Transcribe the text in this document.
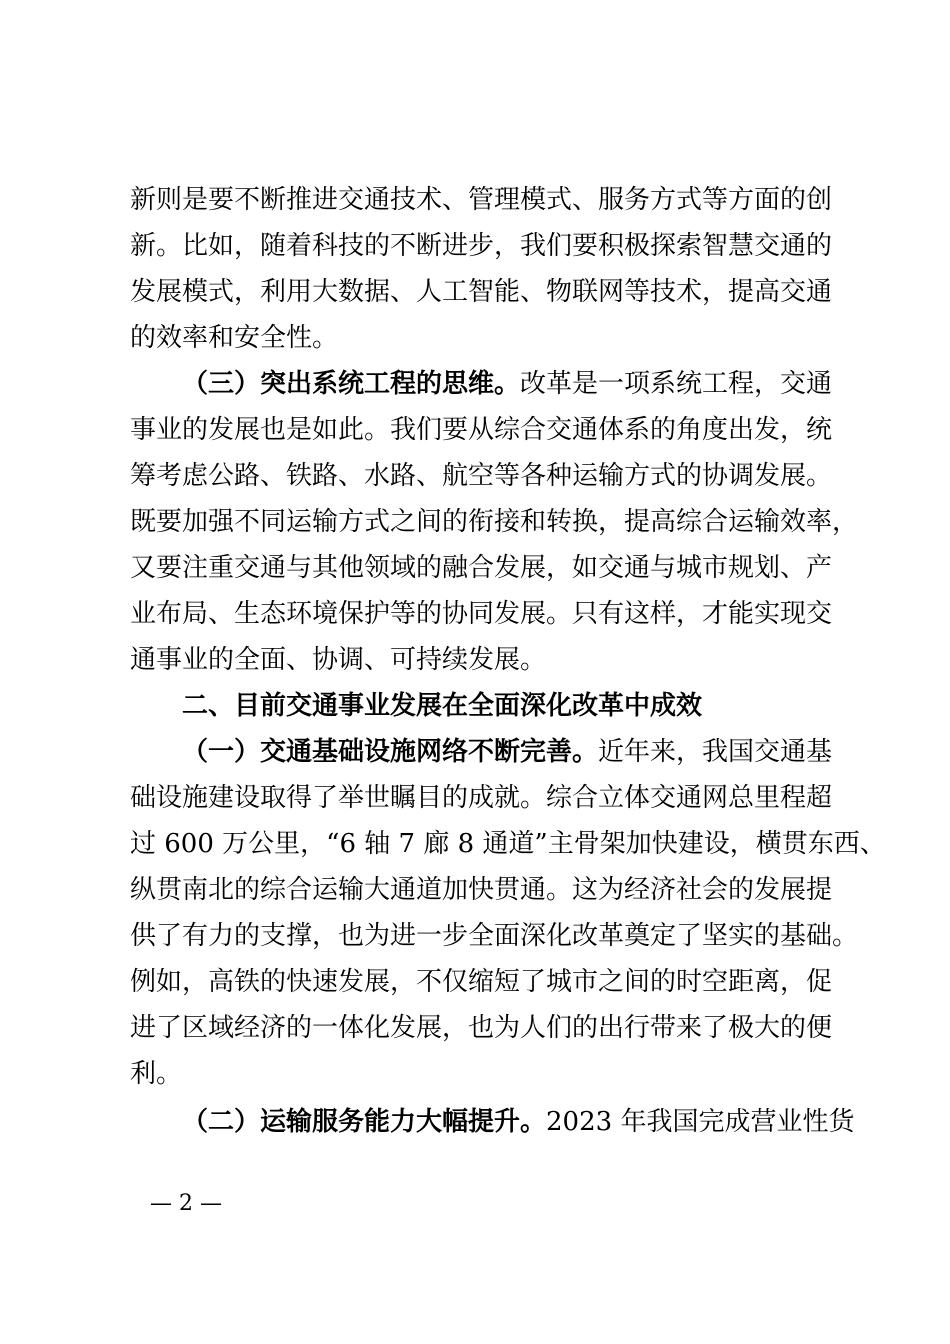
新则是要不断推进交通技术、管理模式、服务方式等方面的创
新。比如，随着科技的不断进步，我们要积极探索智慧交通的
发展模式，利用大数据、人工智能、物联网等技术，提高交通
的效率和安全性。
（三）突出系统工程的思维。改革是一项系统工程，交通
事业的发展也是如此。我们要从综合交通体系的角度出发，统
筹考虑公路、铁路、水路、航空等各种运输方式的协调发展。
既要加强不同运输方式之间的衔接和转换，提高综合运输效率，
又要注重交通与其他领域的融合发展，如交通与城市规划、产
业布局、生态环境保护等的协同发展。只有这样，才能实现交
通事业的全面、协调、可持续发展。
二、目前交通事业发展在全面深化改革中成效
（一）交通基础设施网络不断完善。近年来，我国交通基
础设施建设取得了举世瞩目的成就。综合立体交通网总里程超
过 600 万公里，“6 轴 7 廊 8 通道”主骨架加快建设，横贯东西、
纵贯南北的综合运输大通道加快贯通。这为经济社会的发展提
供了有力的支撑，也为进一步全面深化改革奠定了坚实的基础。
例如，高铁的快速发展，不仅缩短了城市之间的时空距离，促
进了区域经济的一体化发展，也为人们的出行带来了极大的便
利。
（二）运输服务能力大幅提升。2023 年我国完成营业性货
— 2 —
